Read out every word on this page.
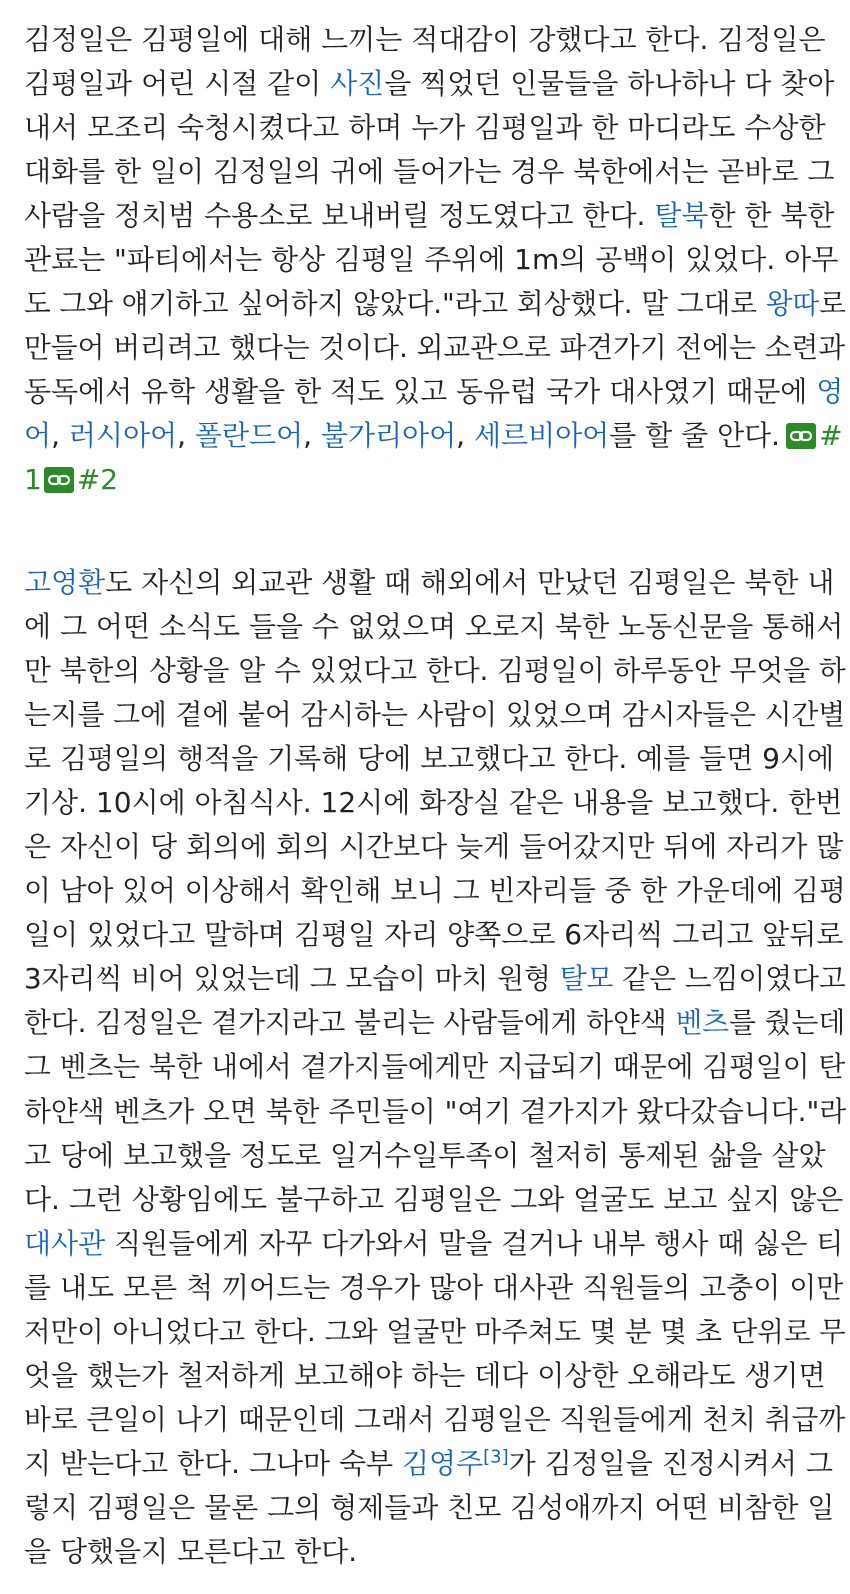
김정일은 김평일에 대해 느끼는 적대감이 강했다고 한다. 김정일은
김평일과 어린 시절 같이 사진을 찍었던 인물들을 하나하나 다 찾아
내서 모조리 숙청시켰다고 하며 누가 김평일과 한 마디라도 수상한
대화를 한 일이 김정일의 귀에 들어가는 경우 북한에서는 곧바로 그
사람을 정치범 수용소로 보내버릴 정도였다고 한다. 탈북한 한 북한
관료는 "파티에서는 항상 김평일 주위에 1m의 공백이 있었다. 아무
도 그와 얘기하고 싶어하지 않았다."라고 회상했다. 말 그대로 왕따로
만들어 버리려고 했다는 것이다. 외교관으로 파견가기 전에는 소련과
동독에서 유학 생활을 한 적도 있고 동유럽 국가 대사였기 때문에 영
어, 러시아어, 폴란드어, 불가리아어, 세르비아어를 할 줄 안다. #
1 #2
고영환도 자신의 외교관 생활 때 해외에서 만났던 김평일은 북한 내
에 그 어떤 소식도 들을 수 없었으며 오로지 북한 노동신문을 통해서
만 북한의 상황을 알 수 있었다고 한다. 김평일이 하루동안 무엇을 하
는지를 그에 곁에 붙어 감시하는 사람이 있었으며 감시자들은 시간별
로 김평일의 행적을 기록해 당에 보고했다고 한다. 예를 들면 9시에
기상. 10시에 아침식사. 12시에 화장실 같은 내용을 보고했다. 한번
은 자신이 당 회의에 회의 시간보다 늦게 들어갔지만 뒤에 자리가 많
이 남아 있어 이상해서 확인해 보니 그 빈자리들 중 한 가운데에 김평
일이 있었다고 말하며 김평일 자리 양쪽으로 6자리씩 그리고 앞뒤로
3자리씩 비어 있었는데 그 모습이 마치 원형 탈모 같은 느낌이였다고
한다. 김정일은 곁가지라고 불리는 사람들에게 하얀색 벤츠를 줬는데
그 벤츠는 북한 내에서 곁가지들에게만 지급되기 때문에 김평일이 탄
하얀색 벤츠가 오면 북한 주민들이 "여기 곁가지가 왔다갔습니다."라
고 당에 보고했을 정도로 일거수일투족이 철저히 통제된 삶을 살았
다. 그런 상황임에도 불구하고 김평일은 그와 얼굴도 보고 싶지 않은
대사관 직원들에게 자꾸 다가와서 말을 걸거나 내부 행사 때 싫은 티
를 내도 모른 척 끼어드는 경우가 많아 대사관 직원들의 고충이 이만
저만이 아니었다고 한다. 그와 얼굴만 마주쳐도 몇 분 몇 초 단위로 무
엇을 했는가 철저하게 보고해야 하는 데다 이상한 오해라도 생기면
바로 큰일이 나기 때문인데 그래서 김평일은 직원들에게 천치 취급까
지 받는다고 한다. 그나마 숙부 김영주[3]가 김정일을 진정시켜서 그
렇지 김평일은 물론 그의 형제들과 친모 김성애까지 어떤 비참한 일
을 당했을지 모른다고 한다.
